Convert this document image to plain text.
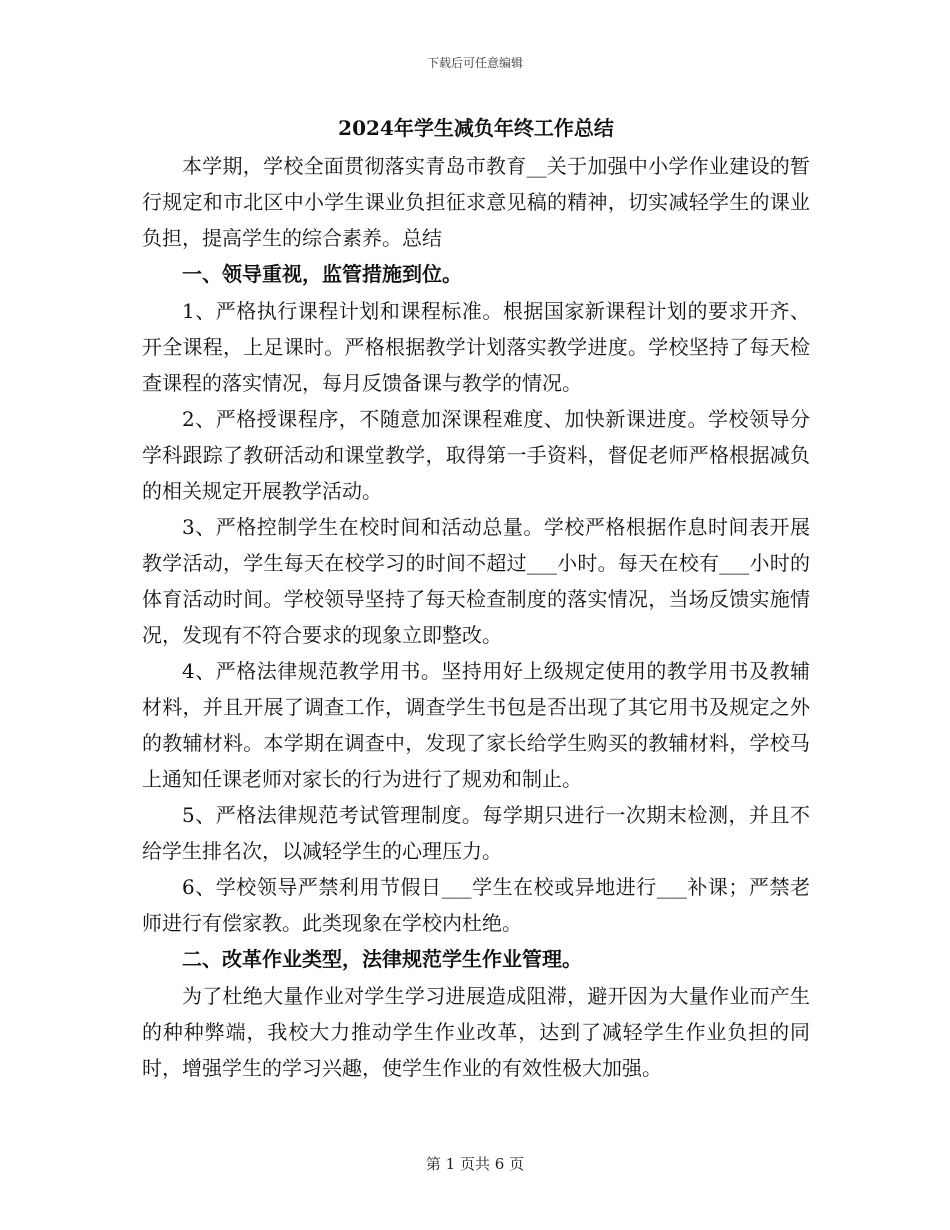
下载后可任意编辑

2024年学生减负年终工作总结

本学期，学校全面贯彻落实青岛市教育__关于加强中小学作业建设的暂行规定和市北区中小学生课业负担征求意见稿的精神，切实减轻学生的课业负担，提高学生的综合素养。总结

一、领导重视，监管措施到位。

1、严格执行课程计划和课程标准。根据国家新课程计划的要求开齐、开全课程，上足课时。严格根据教学计划落实教学进度。学校坚持了每天检查课程的落实情况，每月反馈备课与教学的情况。

2、严格授课程序，不随意加深课程难度、加快新课进度。学校领导分学科跟踪了教研活动和课堂教学，取得第一手资料，督促老师严格根据减负的相关规定开展教学活动。

3、严格控制学生在校时间和活动总量。学校严格根据作息时间表开展教学活动，学生每天在校学习的时间不超过___小时。每天在校有___小时的体育活动时间。学校领导坚持了每天检查制度的落实情况，当场反馈实施情况，发现有不符合要求的现象立即整改。

4、严格法律规范教学用书。坚持用好上级规定使用的教学用书及教辅材料，并且开展了调查工作，调查学生书包是否出现了其它用书及规定之外的教辅材料。本学期在调查中，发现了家长给学生购买的教辅材料，学校马上通知任课老师对家长的行为进行了规劝和制止。

5、严格法律规范考试管理制度。每学期只进行一次期末检测，并且不给学生排名次，以减轻学生的心理压力。

6、学校领导严禁利用节假日___学生在校或异地进行___补课；严禁老师进行有偿家教。此类现象在学校内杜绝。

二、改革作业类型，法律规范学生作业管理。

为了杜绝大量作业对学生学习进展造成阻滞，避开因为大量作业而产生的种种弊端，我校大力推动学生作业改革，达到了减轻学生作业负担的同时，增强学生的学习兴趣，使学生作业的有效性极大加强。

第 1 页共 6 页
